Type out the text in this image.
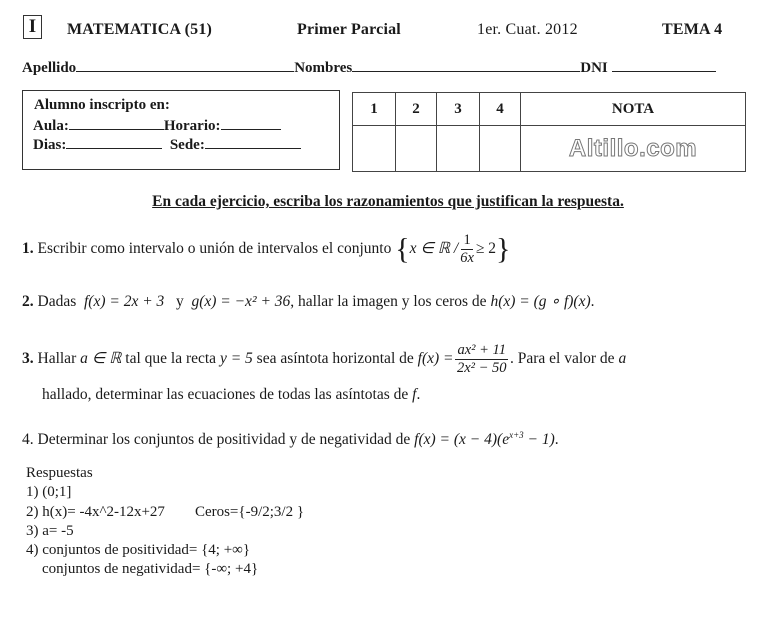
I	MATEMATICA (51)	Primer Parcial	1er. Cuat. 2012	TEMA 4
Apellido	Nombres	DNI
Alumno inscripto en:
Aula:	Horario:
Dias:	Sede:
1	2	3	4	NOTA
				Altillo.com
En cada ejercicio, escriba los razonamientos que justifican la respuesta.
1. Escribir como intervalo o unión de intervalos el conjunto {x ∈ ℝ / $\frac{1}{6x} \ge 2$}
2. Dadas f(x) = 2x + 3 y g(x) = −x² + 36, hallar la imagen y los ceros de h(x) = (g ∘ f)(x).
3. Hallar a ∈ ℝ tal que la recta y = 5 sea asíntota horizontal de $f(x) = \frac{\text{ax² + 11}}{\text{2x² − 50}}$ . Para el valor de a
hallado, determinar las ecuaciones de todas las asíntotas de f.
4. Determinar los conjuntos de positividad y de negatividad de $f(x) = (x - 4)(e^{x+3} - 1)$.
Respuestas
1) (0;1]
2) h(x)= -4x^2-12x+27 Ceros={-9/2;3/2 }
3) a= -5
4) conjuntos de positividad= {4; +∞}
conjuntos de negatividad= {-∞; +4}
